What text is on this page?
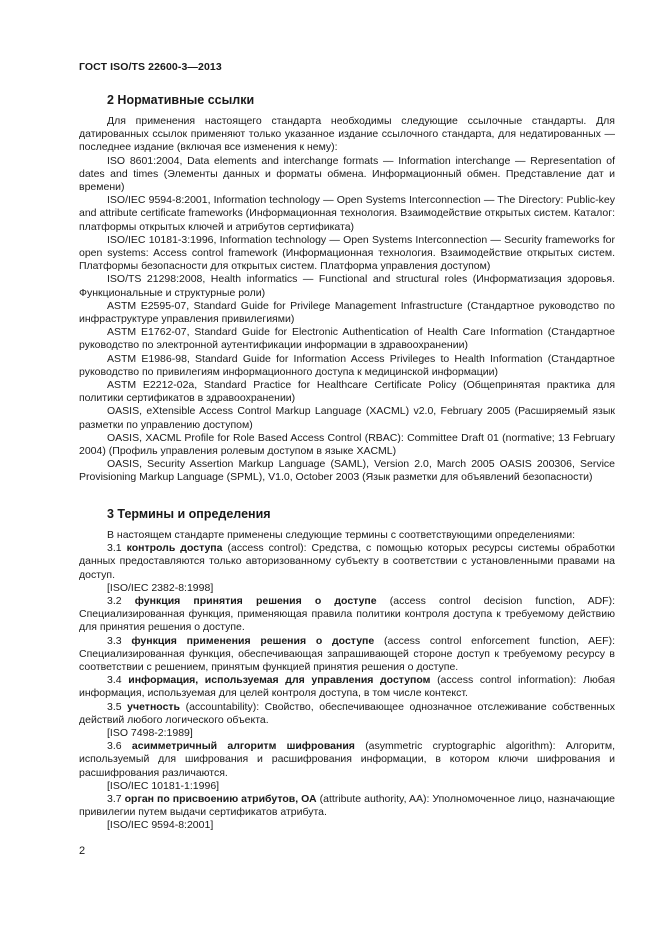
ГОСТ ISO/TS 22600-3—2013
2 Нормативные ссылки

Для применения настоящего стандарта необходимы следующие ссылочные стандарты. Для датированных ссылок применяют только указанное издание ссылочного стандарта, для недатированных — последнее издание (включая все изменения к нему):

ISO 8601:2004, Data elements and interchange formats — Information interchange — Representation of dates and times (Элементы данных и форматы обмена. Информационный обмен. Представление дат и времени)

ISO/IEC 9594-8:2001, Information technology — Open Systems Interconnection — The Directory: Public-key and attribute certificate frameworks (Информационная технология. Взаимодействие открытых систем. Каталог: платформы открытых ключей и атрибутов сертификата)

ISO/IEC 10181-3:1996, Information technology — Open Systems Interconnection — Security frameworks for open systems: Access control framework (Информационная технология. Взаимодействие открытых систем. Платформы безопасности для открытых систем. Платформа управления доступом)

ISO/TS 21298:2008, Health informatics — Functional and structural roles (Информатизация здоровья. Функциональные и структурные роли)

ASTM E2595-07, Standard Guide for Privilege Management Infrastructure (Стандартное руководство по инфраструктуре управления привилегиями)

ASTM E1762-07, Standard Guide for Electronic Authentication of Health Care Information (Стандартное руководство по электронной аутентификации информации в здравоохранении)

ASTM E1986-98, Standard Guide for Information Access Privileges to Health Information (Стандартное руководство по привилегиям информационного доступа к медицинской информации)

ASTM E2212-02a, Standard Practice for Healthcare Certificate Policy (Общепринятая практика для политики сертификатов в здравоохранении)

OASIS, eXtensible Access Control Markup Language (XACML) v2.0, February 2005 (Расширяемый язык разметки по управлению доступом)

OASIS, XACML Profile for Role Based Access Control (RBAC): Committee Draft 01 (normative; 13 February 2004) (Профиль управления ролевым доступом в языке XACML)

OASIS, Security Assertion Markup Language (SAML), Version 2.0, March 2005 OASIS 200306, Service Provisioning Markup Language (SPML), V1.0, October 2003 (Язык разметки для объявлений безопасности)

3 Термины и определения

В настоящем стандарте применены следующие термины с соответствующими определениями:

3.1 контроль доступа (access control): Средства, с помощью которых ресурсы системы обработки данных предоставляются только авторизованному субъекту в соответствии с установленными правами на доступ.

[ISO/IEC 2382-8:1998]

3.2 функция принятия решения о доступе (access control decision function, ADF): Специализированная функция, применяющая правила политики контроля доступа к требуемому действию для принятия решения о доступе.

3.3 функция применения решения о доступе (access control enforcement function, AEF): Специализированная функция, обеспечивающая запрашивающей стороне доступ к требуемому ресурсу в соответствии с решением, принятым функцией принятия решения о доступе.

3.4 информация, используемая для управления доступом (access control information): Любая информация, используемая для целей контроля доступа, в том числе контекст.

3.5 учетность (accountability): Свойство, обеспечивающее однозначное отслеживание собственных действий любого логического объекта.

[ISO 7498-2:1989]

3.6 асимметричный алгоритм шифрования (asymmetric cryptographic algorithm): Алгоритм, используемый для шифрования и расшифрования информации, в котором ключи шифрования и расшифрования различаются.

[ISO/IEC 10181-1:1996]

3.7 орган по присвоению атрибутов, ОА (attribute authority, AA): Уполномоченное лицо, назначающие привилегии путем выдачи сертификатов атрибута.

[ISO/IEC 9594-8:2001]

2
